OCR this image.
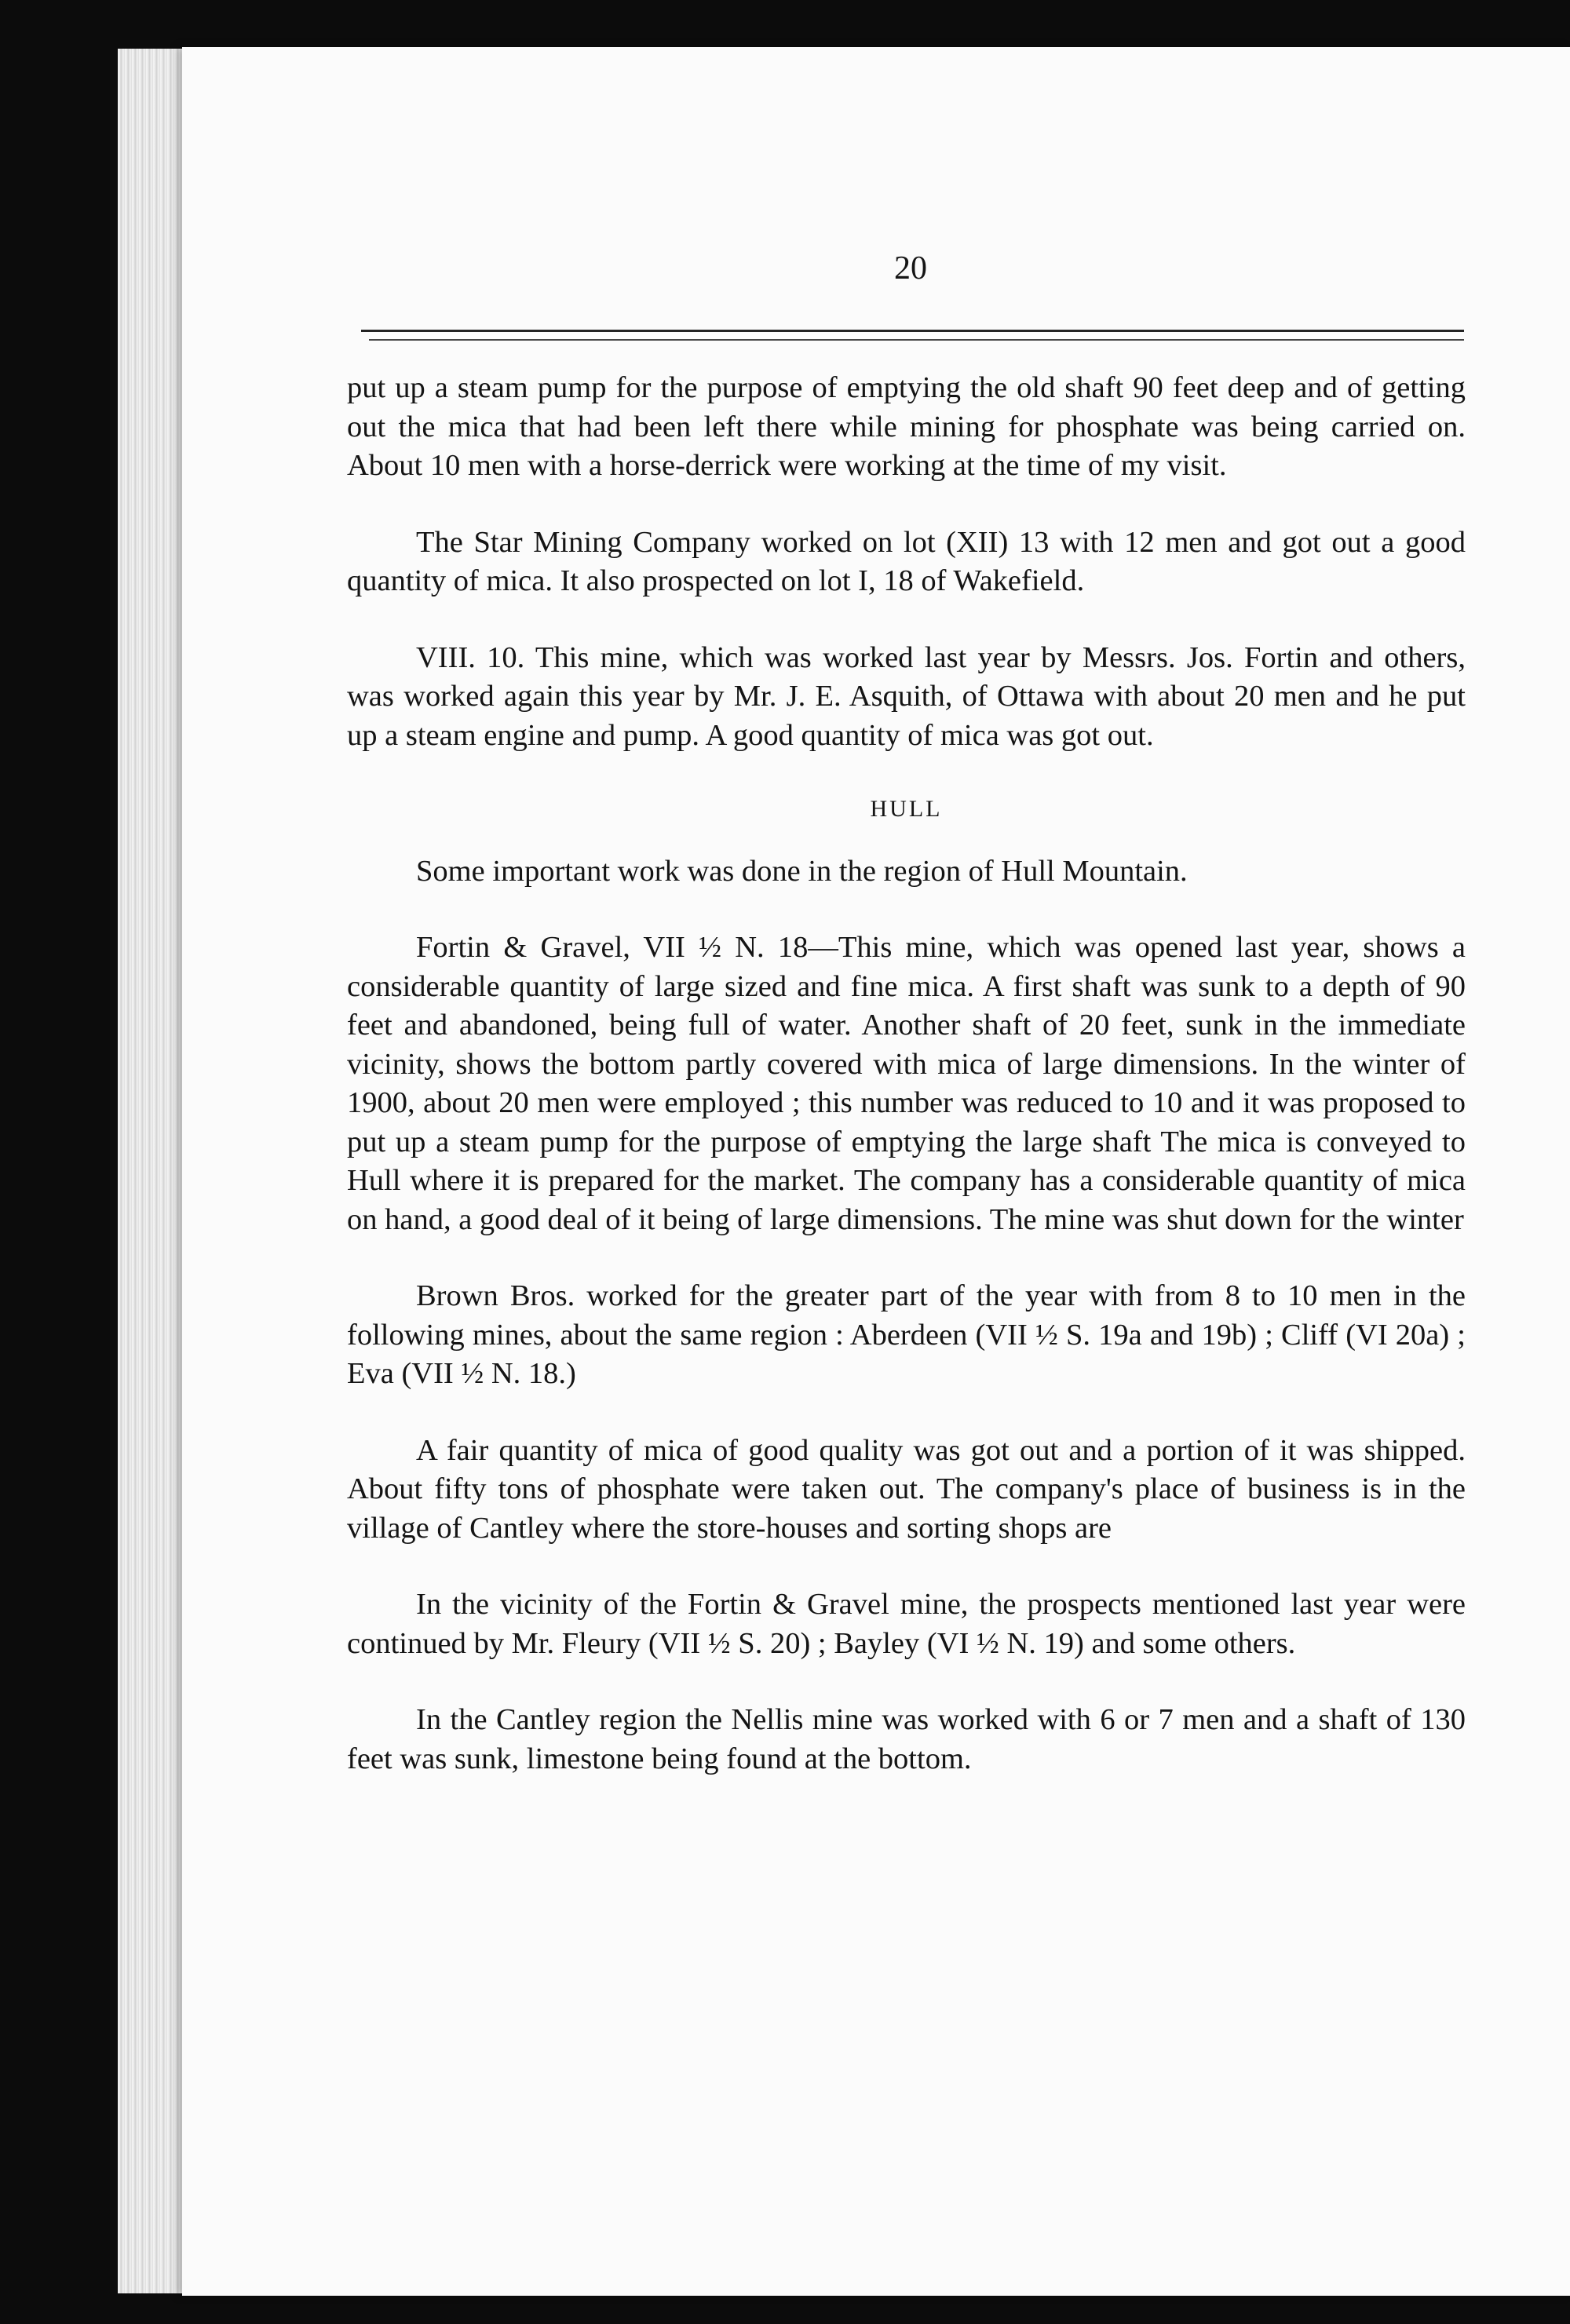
20

put up a steam pump for the purpose of emptying the old shaft 90 feet deep and of getting out the mica that had been left there while mining for phosphate was being carried on. About 10 men with a horse-derrick were working at the time of my visit.

The Star Mining Company worked on lot (XII) 13 with 12 men and got out a good quantity of mica. It also prospected on lot I, 18 of Wakefield.

VIII. 10. This mine, which was worked last year by Messrs. Jos. Fortin and others, was worked again this year by Mr. J. E. Asquith, of Ottawa with about 20 men and he put up a steam engine and pump. A good quantity of mica was got out.

HULL

Some important work was done in the region of Hull Mountain.

Fortin & Gravel, VII ½ N. 18—This mine, which was opened last year, shows a considerable quantity of large sized and fine mica. A first shaft was sunk to a depth of 90 feet and abandoned, being full of water. Another shaft of 20 feet, sunk in the immediate vicinity, shows the bottom partly covered with mica of large dimensions. In the winter of 1900, about 20 men were employed ; this number was reduced to 10 and it was proposed to put up a steam pump for the purpose of emptying the large shaft The mica is conveyed to Hull where it is prepared for the market. The company has a considerable quantity of mica on hand, a good deal of it being of large dimensions. The mine was shut down for the winter

Brown Bros. worked for the greater part of the year with from 8 to 10 men in the following mines, about the same region : Aberdeen (VII ½ S. 19a and 19b) ; Cliff (VI 20a) ; Eva (VII ½ N. 18.)

A fair quantity of mica of good quality was got out and a portion of it was shipped. About fifty tons of phosphate were taken out. The company's place of business is in the village of Cantley where the store-houses and sorting shops are

In the vicinity of the Fortin & Gravel mine, the prospects mentioned last year were continued by Mr. Fleury (VII ½ S. 20) ; Bayley (VI ½ N. 19) and some others.

In the Cantley region the Nellis mine was worked with 6 or 7 men and a shaft of 130 feet was sunk, limestone being found at the bottom.
